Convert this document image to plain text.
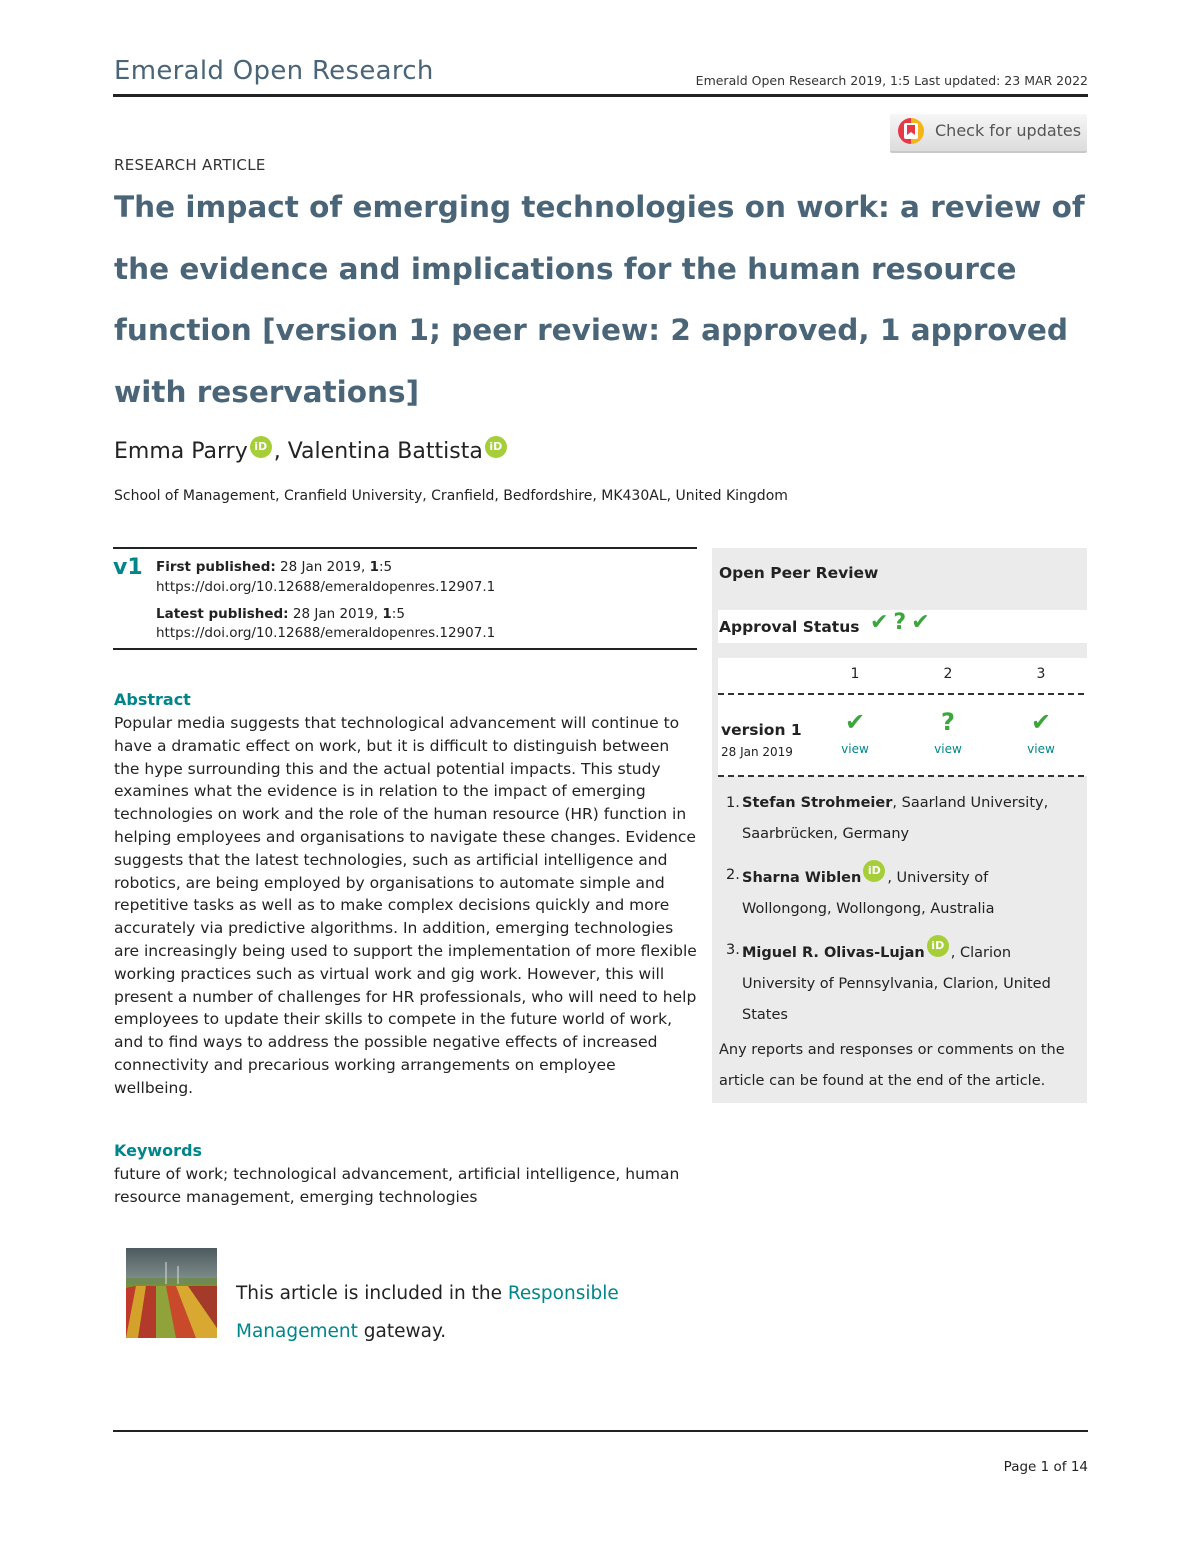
Emerald Open Research	Emerald Open Research 2019, 1:5 Last updated: 23 MAR 2022
Check for updates
RESEARCH ARTICLE
The impact of emerging technologies on work: a review of the evidence and implications for the human resource function [version 1; peer review: 2 approved, 1 approved with reservations]
Emma Parry iD , Valentina Battista iD
School of Management, Cranfield University, Cranfield, Bedfordshire, MK430AL, United Kingdom
v1 First published: 28 Jan 2019, 1:5
https://doi.org/10.12688/emeraldopenres.12907.1
Latest published: 28 Jan 2019, 1:5
https://doi.org/10.12688/emeraldopenres.12907.1
Abstract
Popular media suggests that technological advancement will continue to have a dramatic effect on work, but it is difficult to distinguish between the hype surrounding this and the actual potential impacts. This study examines what the evidence is in relation to the impact of emerging technologies on work and the role of the human resource (HR) function in helping employees and organisations to navigate these changes. Evidence suggests that the latest technologies, such as artificial intelligence and robotics, are being employed by organisations to automate simple and repetitive tasks as well as to make complex decisions quickly and more accurately via predictive algorithms. In addition, emerging technologies are increasingly being used to support the implementation of more flexible working practices such as virtual work and gig work. However, this will present a number of challenges for HR professionals, who will need to help employees to update their skills to compete in the future world of work, and to find ways to address the possible negative effects of increased connectivity and precarious working arrangements on employee wellbeing.
Keywords
future of work; technological advancement, artificial intelligence, human resource management, emerging technologies
This article is included in the Responsible Management gateway.
Open Peer Review
Approval Status ✔?✔
1	2	3
version 1
28 Jan 2019
✔	?	✔
view	view	view
1. Stefan Strohmeier, Saarland University, Saarbrücken, Germany
2. Sharna Wiblen iD , University of Wollongong, Wollongong, Australia
3. Miguel R. Olivas-Lujan iD , Clarion University of Pennsylvania, Clarion, United States
Any reports and responses or comments on the article can be found at the end of the article.
Page 1 of 14
